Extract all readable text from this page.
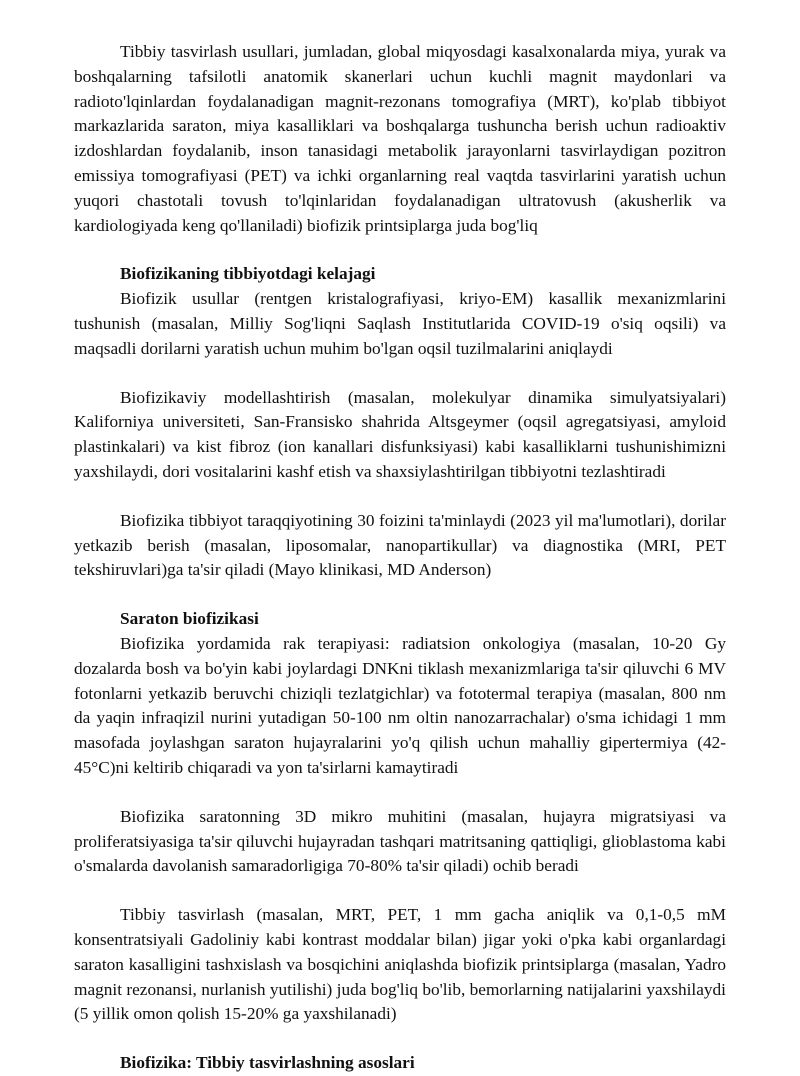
Tibbiy tasvirlash usullari, jumladan, global miqyosdagi kasalxonalarda miya, yurak va boshqalarning tafsilotli anatomik skanerlari uchun kuchli magnit maydonlari va radioto'lqinlardan foydalanadigan magnit-rezonans tomografiya (MRT), ko'plab tibbiyot markazlarida saraton, miya kasalliklari va boshqalarga tushuncha berish uchun radioaktiv izdoshlardan foydalanib, inson tanasidagi metabolik jarayonlarni tasvirlaydigan pozitron emissiya tomografiyasi (PET) va ichki organlarning real vaqtda tasvirlarini yaratish uchun yuqori chastotali tovush to'lqinlaridan foydalanadigan ultratovush (akusherlik va kardiologiyada keng qo'llaniladi) biofizik printsiplarga juda bog'liq

Biofizikaning tibbiyotdagi kelajagi

Biofizik usullar (rentgen kristalografiyasi, kriyo-EM) kasallik mexanizmlarini tushunish (masalan, Milliy Sog'liqni Saqlash Institutlarida COVID-19 o'siq oqsili) va maqsadli dorilarni yaratish uchun muhim bo'lgan oqsil tuzilmalarini aniqlaydi

Biofizikaviy modellashtirish (masalan, molekulyar dinamika simulyatsiyalari) Kaliforniya universiteti, San-Fransisko shahrida Altsgeymer (oqsil agregatsiyasi, amyloid plastinkalari) va kist fibroz (ion kanallari disfunksiyasi) kabi kasalliklarni tushunishimizni yaxshilaydi, dori vositalarini kashf etish va shaxsiylashtirilgan tibbiyotni tezlashtiradi

Biofizika tibbiyot taraqqiyotining 30 foizini ta'minlaydi (2023 yil ma'lumotlari), dorilar yetkazib berish (masalan, liposomalar, nanopartikullar) va diagnostika (MRI, PET tekshiruvlari)ga ta'sir qiladi (Mayo klinikasi, MD Anderson)

Saraton biofizikasi

Biofizika yordamida rak terapiyasi: radiatsion onkologiya (masalan, 10-20 Gy dozalarda bosh va bo'yin kabi joylardagi DNKni tiklash mexanizmlariga ta'sir qiluvchi 6 MV fotonlarni yetkazib beruvchi chiziqli tezlatgichlar) va fototermal terapiya (masalan, 800 nm da yaqin infraqizil nurini yutadigan 50-100 nm oltin nanozarrachalar) o'sma ichidagi 1 mm masofada joylashgan saraton hujayralarini yo'q qilish uchun mahalliy gipertermiya (42-45°C)ni keltirib chiqaradi va yon ta'sirlarni kamaytiradi

Biofizika saratonning 3D mikro muhitini (masalan, hujayra migratsiyasi va proliferatsiyasiga ta'sir qiluvchi hujayradan tashqari matritsaning qattiqligi, glioblastoma kabi o'smalarda davolanish samaradorligiga 70-80% ta'sir qiladi) ochib beradi

Tibbiy tasvirlash (masalan, MRT, PET, 1 mm gacha aniqlik va 0,1-0,5 mM konsentratsiyali Gadoliniy kabi kontrast moddalar bilan) jigar yoki o'pka kabi organlardagi saraton kasalligini tashxislash va bosqichini aniqlashda biofizik printsiplarga (masalan, Yadro magnit rezonansi, nurlanish yutilishi) juda bog'liq bo'lib, bemorlarning natijalarini yaxshilaydi (5 yillik omon qolish 15-20% ga yaxshilanadi)

Biofizika: Tibbiy tasvirlashning asoslari
